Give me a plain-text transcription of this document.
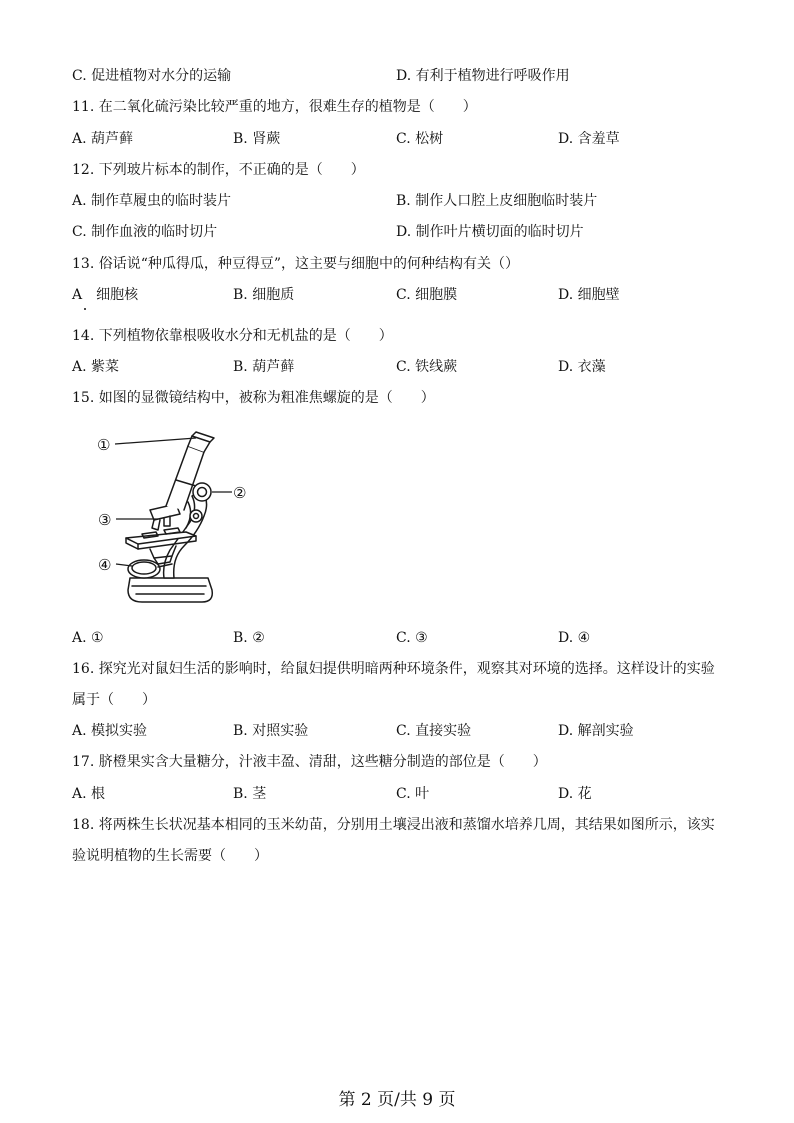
C. 促进植物对水分的运输	D. 有利于植物进行呼吸作用
11. 在二氧化硫污染比较严重的地方，很难生存的植物是（　　）
A. 葫芦藓	B. 肾蕨	C. 松树	D. 含羞草
12. 下列玻片标本的制作，不正确的是（　　）
A. 制作草履虫的临时装片	B. 制作人口腔上皮细胞临时装片
C. 制作血液的临时切片	D. 制作叶片横切面的临时切片
13. 俗话说“种瓜得瓜，种豆得豆”，这主要与细胞中的何种结构有关（）
A　细胞核	B. 细胞质	C. 细胞膜	D. 细胞壁
14. 下列植物依靠根吸收水分和无机盐的是（　　）
A. 紫菜	B. 葫芦藓	C. 铁线蕨	D. 衣藻
15. 如图的显微镜结构中，被称为粗准焦螺旋的是（　　）
①
②
③
④
A. ①	B. ②	C. ③	D. ④
16. 探究光对鼠妇生活的影响时，给鼠妇提供明暗两种环境条件，观察其对环境的选择。这样设计的实验
属于（　　）
A. 模拟实验	B. 对照实验	C. 直接实验	D. 解剖实验
17. 脐橙果实含大量糖分，汁液丰盈、清甜，这些糖分制造的部位是（　　）
A. 根	B. 茎	C. 叶	D. 花
18. 将两株生长状况基本相同的玉米幼苗，分别用土壤浸出液和蒸馏水培养几周，其结果如图所示，该实
验说明植物的生长需要（　　）
第 2 页/共 9 页
